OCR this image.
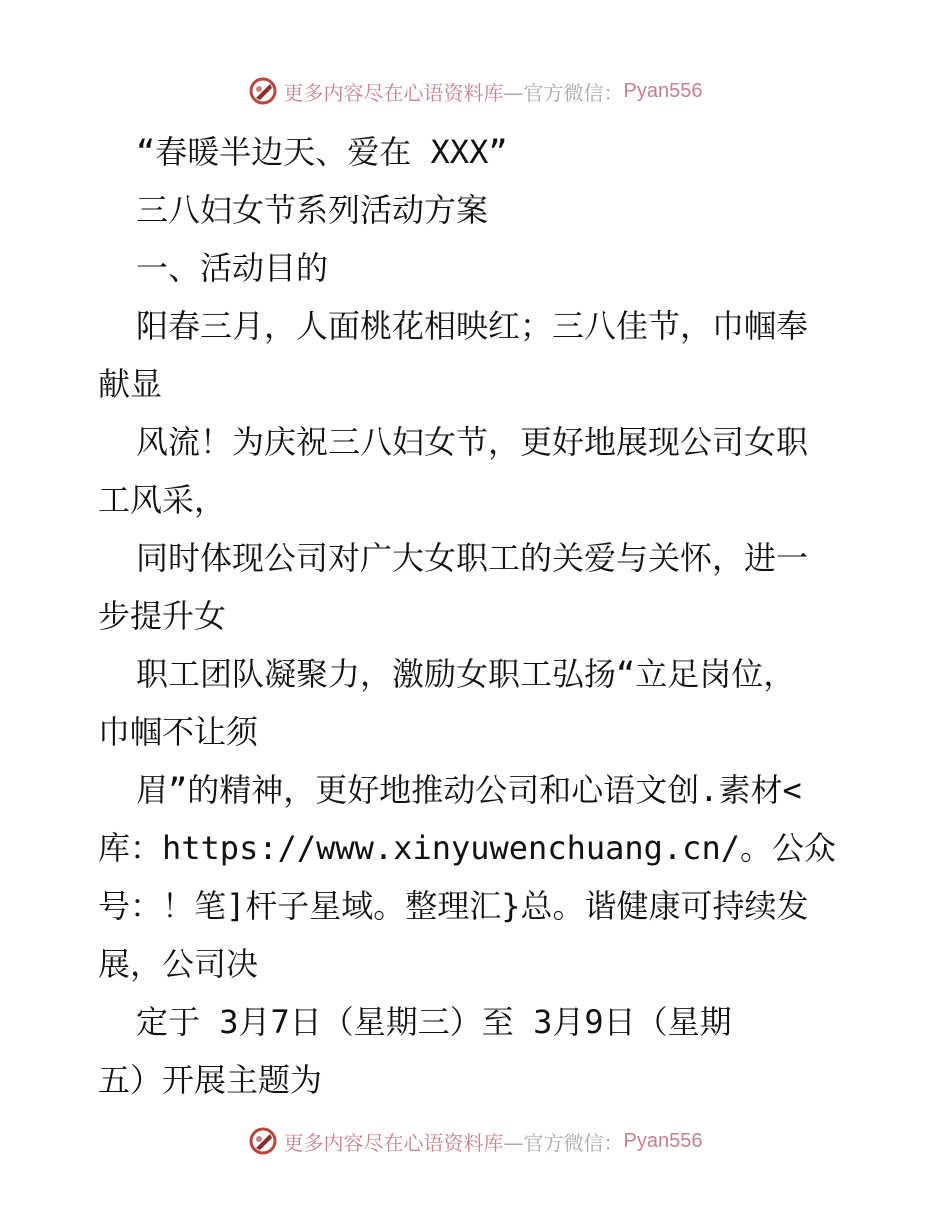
更多内容尽在心语资料库 —官方微信： Pyan556
“春暖半边天、爱在 XXX”
三八妇女节系列活动方案
一、活动目的
阳春三月，人面桃花相映红；三八佳节，巾帼奉
献显
风流！为庆祝三八妇女节，更好地展现公司女职
工风采，
同时体现公司对广大女职工的关爱与关怀，进一
步提升女
职工团队凝聚力，激励女职工弘扬“立足岗位，
巾帼不让须
眉”的精神，更好地推动公司和心语文创.素材<
库：https://www.xinyuwenchuang.cn/。公众
号：！笔]杆子星域。整理汇}总。谐健康可持续发
展，公司决
定于 3月7日（星期三）至 3月9日（星期
五）开展主题为
更多内容尽在心语资料库 —官方微信： Pyan556
